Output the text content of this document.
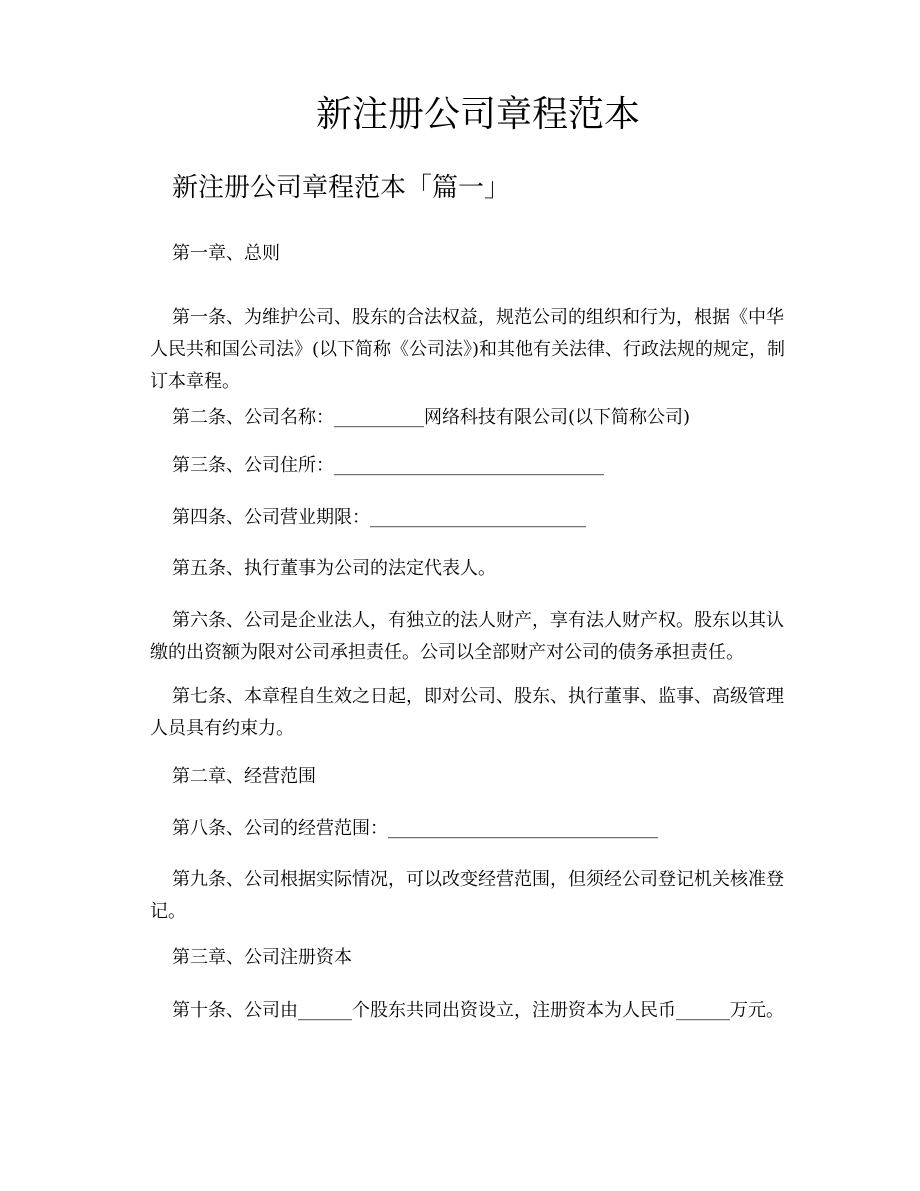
新注册公司章程范本
新注册公司章程范本「篇一」
第一章、总则
第一条、为维护公司、股东的合法权益，规范公司的组织和行为，根据《中华
人民共和国公司法》(以下简称《公司法》)和其他有关法律、行政法规的规定，制
订本章程。
第二条、公司名称：__________网络科技有限公司(以下简称公司)
第三条、公司住所：______________________________
第四条、公司营业期限：________________________
第五条、执行董事为公司的法定代表人。
第六条、公司是企业法人，有独立的法人财产，享有法人财产权。股东以其认
缴的出资额为限对公司承担责任。公司以全部财产对公司的债务承担责任。
第七条、本章程自生效之日起，即对公司、股东、执行董事、监事、高级管理
人员具有约束力。
第二章、经营范围
第八条、公司的经营范围：______________________________
第九条、公司根据实际情况，可以改变经营范围，但须经公司登记机关核准登
记。
第三章、公司注册资本
第十条、公司由______个股东共同出资设立，注册资本为人民币______万元。
